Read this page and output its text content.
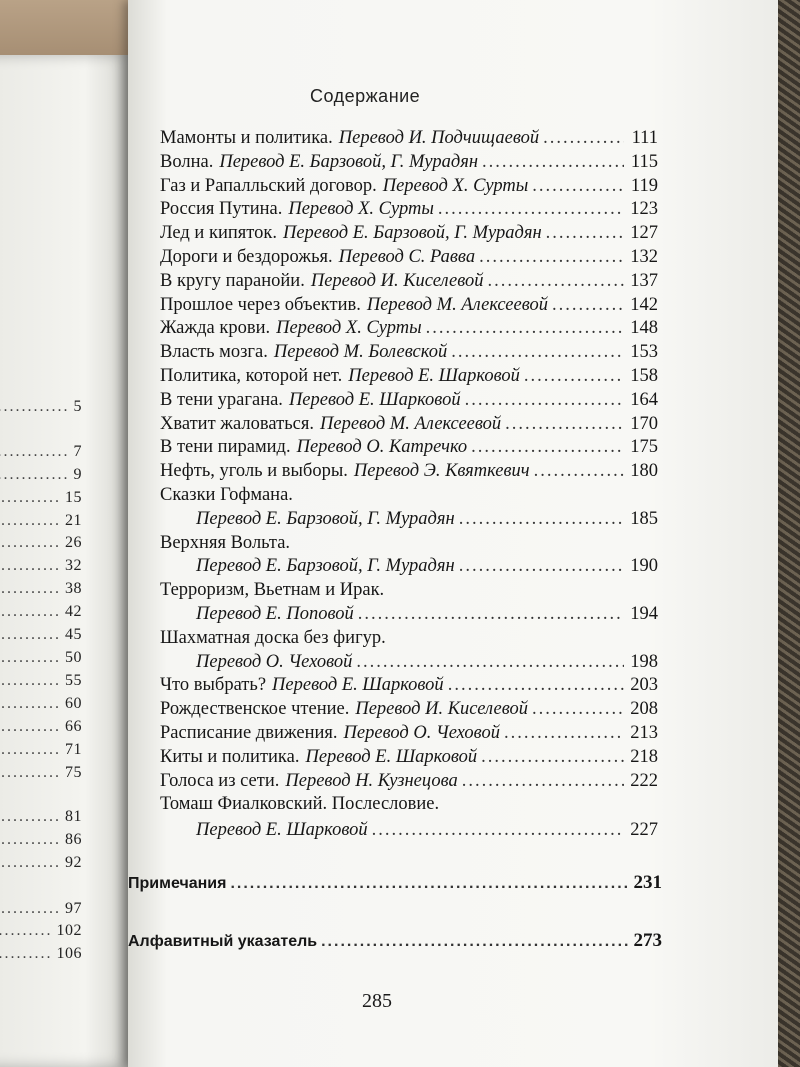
..... ........ 5
..... ......... 7
..... ....... 9
..... ...... 15
..... ...... 21
..... ...... 26
..... ...... 32
..... ...... 38
..... ...... 42
..... ...... 45
..... ...... 50
..... ...... 55
..... ...... 60
..... ...... 66
..... ...... 71
..... ...... 75
..... ...... 81
..... ...... 86
..... ...... 92
..... ...... 97
..... ..... 102
..... ..... 106
Содержание
Мамонты и политика. Перевод И. Подчищаевой .....	111
Волна. Перевод Е. Барзовой, Г. Мурадян .....	115
Газ и Рапалльский договор. Перевод Х. Сурты .....	119
Россия Путина. Перевод Х. Сурты .....	123
Лед и кипяток. Перевод Е. Барзовой, Г. Мурадян .....	127
Дороги и бездорожья. Перевод С. Равва .....	132
В кругу паранойи. Перевод И. Киселевой .....	137
Прошлое через объектив. Перевод М. Алексеевой .....	142
Жажда крови. Перевод Х. Сурты .....	148
Власть мозга. Перевод М. Болевской .....	153
Политика, которой нет. Перевод Е. Шарковой .....	158
В тени урагана. Перевод Е. Шарковой .....	164
Хватит жаловаться. Перевод М. Алексеевой .....	170
В тени пирамид. Перевод О. Катречко .....	175
Нефть, уголь и выборы. Перевод Э. Квяткевич .....	180
Сказки Гофмана.
Перевод Е. Барзовой, Г. Мурадян .....	185
Верхняя Вольта.
Перевод Е. Барзовой, Г. Мурадян .....	190
Терроризм, Вьетнам и Ирак.
Перевод Е. Поповой .....	194
Шахматная доска без фигур.
Перевод О. Чеховой .....	198
Что выбрать? Перевод Е. Шарковой .....	203
Рождественское чтение. Перевод И. Киселевой .....	208
Расписание движения. Перевод О. Чеховой .....	213
Киты и политика. Перевод Е. Шарковой .....	218
Голоса из сети. Перевод Н. Кузнецова .....	222
Томаш Фиалковский. Послесловие.
Перевод Е. Шарковой .....	227
Примечания .....	231
Алфавитный указатель .....	273
285
